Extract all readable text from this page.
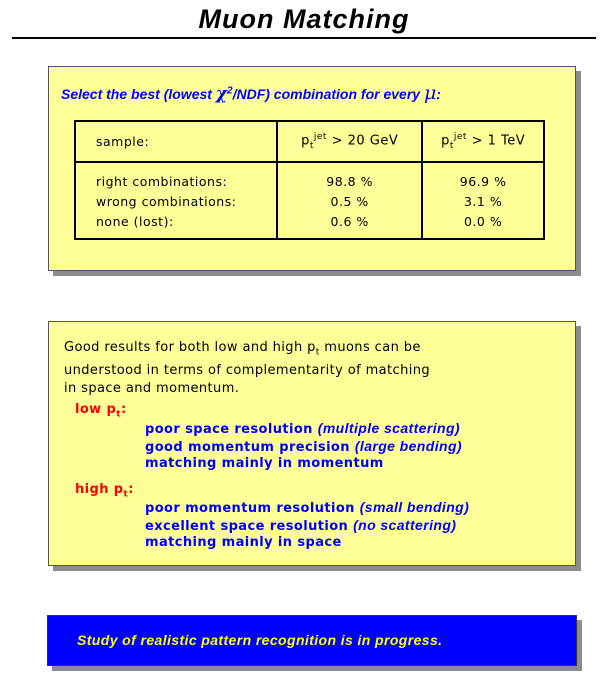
Muon Matching
Select the best (lowest $\chi^2/NDF$) combination for every μ:
sample:	$p_t^{jet} > 20$ GeV	$p_t^{jet} > 1$ TeV
right combinations:	98.8 %	96.9 %
wrong combinations:	0.5 %	3.1 %
none (lost):	0.6 %	0.0 %
Good results for both low and high $p_t$ muons can be
understood in terms of complementarity of matching
in space and momentum.
low $p_t$:
poor space resolution (multiple scattering)
good momentum precision (large bending)
matching mainly in momentum
high $p_t$:
poor momentum resolution (small bending)
excellent space resolution (no scattering)
matching mainly in space
Study of realistic pattern recognition is in progress.
